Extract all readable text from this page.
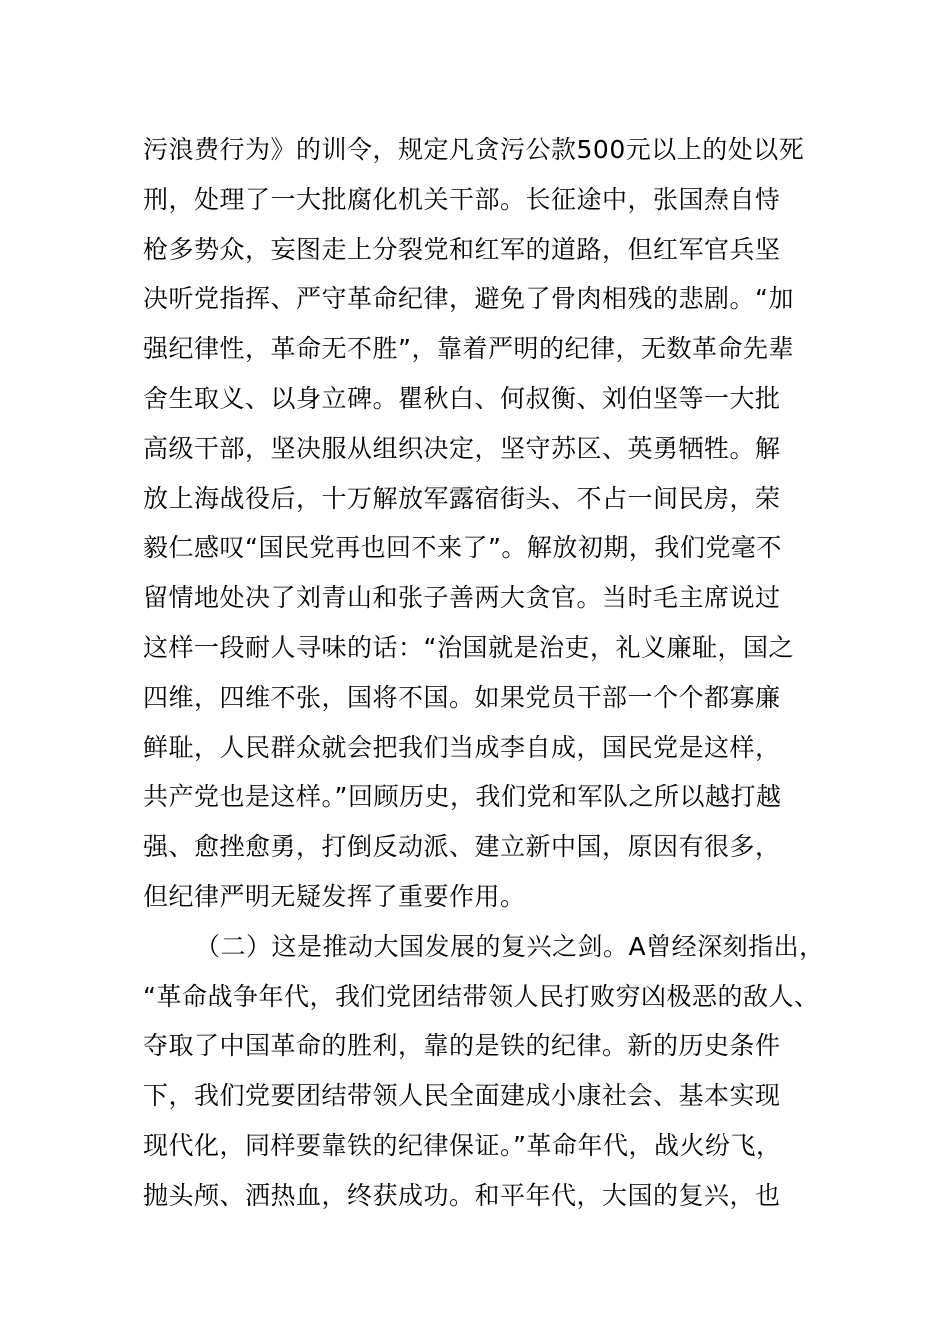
污浪费行为》的训令，规定凡贪污公款500元以上的处以死
刑，处理了一大批腐化机关干部。长征途中，张国焘自恃
枪多势众，妄图走上分裂党和红军的道路，但红军官兵坚
决听党指挥、严守革命纪律，避免了骨肉相残的悲剧。“加
强纪律性，革命无不胜”，靠着严明的纪律，无数革命先辈
舍生取义、以身立碑。瞿秋白、何叔衡、刘伯坚等一大批
高级干部，坚决服从组织决定，坚守苏区、英勇牺牲。解
放上海战役后，十万解放军露宿街头、不占一间民房，荣
毅仁感叹“国民党再也回不来了”。解放初期，我们党毫不
留情地处决了刘青山和张子善两大贪官。当时毛主席说过
这样一段耐人寻味的话：“治国就是治吏，礼义廉耻，国之
四维，四维不张，国将不国。如果党员干部一个个都寡廉
鲜耻，人民群众就会把我们当成李自成，国民党是这样，
共产党也是这样。”回顾历史，我们党和军队之所以越打越
强、愈挫愈勇，打倒反动派、建立新中国，原因有很多，
但纪律严明无疑发挥了重要作用。
（二）这是推动大国发展的复兴之剑。A曾经深刻指出，
“革命战争年代，我们党团结带领人民打败穷凶极恶的敌人、
夺取了中国革命的胜利，靠的是铁的纪律。新的历史条件
下，我们党要团结带领人民全面建成小康社会、基本实现
现代化，同样要靠铁的纪律保证。”革命年代，战火纷飞，
抛头颅、洒热血，终获成功。和平年代，大国的复兴，也
